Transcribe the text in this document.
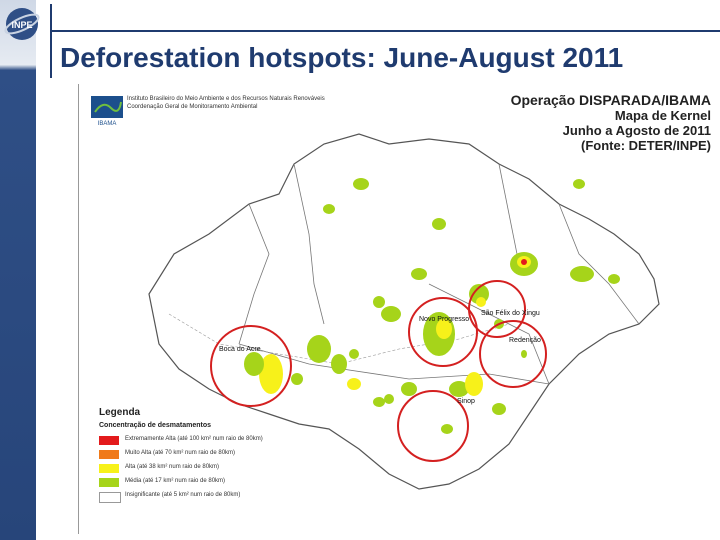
INPE
Deforestation hotspots: June-August 2011
IBAMA
Instituto Brasileiro do Meio Ambiente e dos Recursos Naturais Renováveis
Coordenação Geral de Monitoramento Ambiental	Operação DISPARADA/IBAMA
Mapa de Kernel
Junho a Agosto de 2011
(Fonte: DETER/INPE)
Boca do Acre
Novo Progresso
São Félix do Xingu
Redenção
Sinop
Legenda
Concentração de desmatamentos
Extremamente Alta (até 100 km² num raio de 80km)
Muito Alta (até 70 km² num raio de 80km)
Alta (até 38 km² num raio de 80km)
Média (até 17 km² num raio de 80km)
Insignificante (até 5 km² num raio de 80km)
